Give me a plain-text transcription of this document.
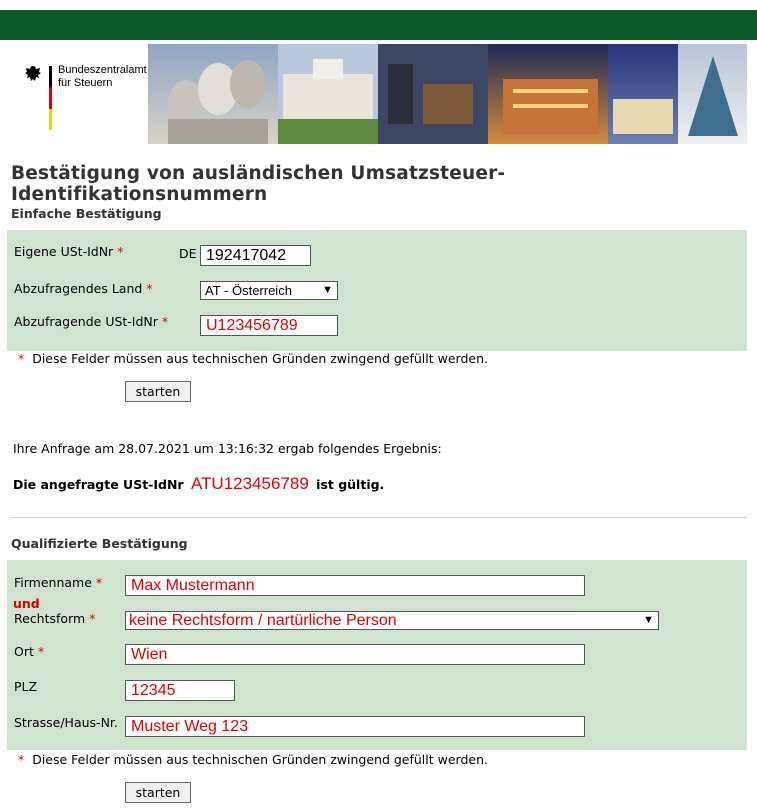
Bundeszentralamt
für Steuern
Bestätigung von ausländischen Umsatzsteuer-Identifikationsnummern
Einfache Bestätigung
Eigene USt-IdNr *	DE 192417042
Abzufragendes Land *	AT - Österreich	▼
Abzufragende USt-IdNr *	U123456789
* Diese Felder müssen aus technischen Gründen zwingend gefüllt werden.
starten
Ihre Anfrage am 28.07.2021 um 13:16:32 ergab folgendes Ergebnis:
Die angefragte USt-IdNr ATU123456789 ist gültig.
Qualifizierte Bestätigung
Firmenname *	Max Mustermann
Rechtsform * keine Rechtsform / nartürliche Person	▼
Ort *	Wien
PLZ	12345
Strasse/Haus-Nr. Muster Weg 123
und
* Diese Felder müssen aus technischen Gründen zwingend gefüllt werden.
starten
